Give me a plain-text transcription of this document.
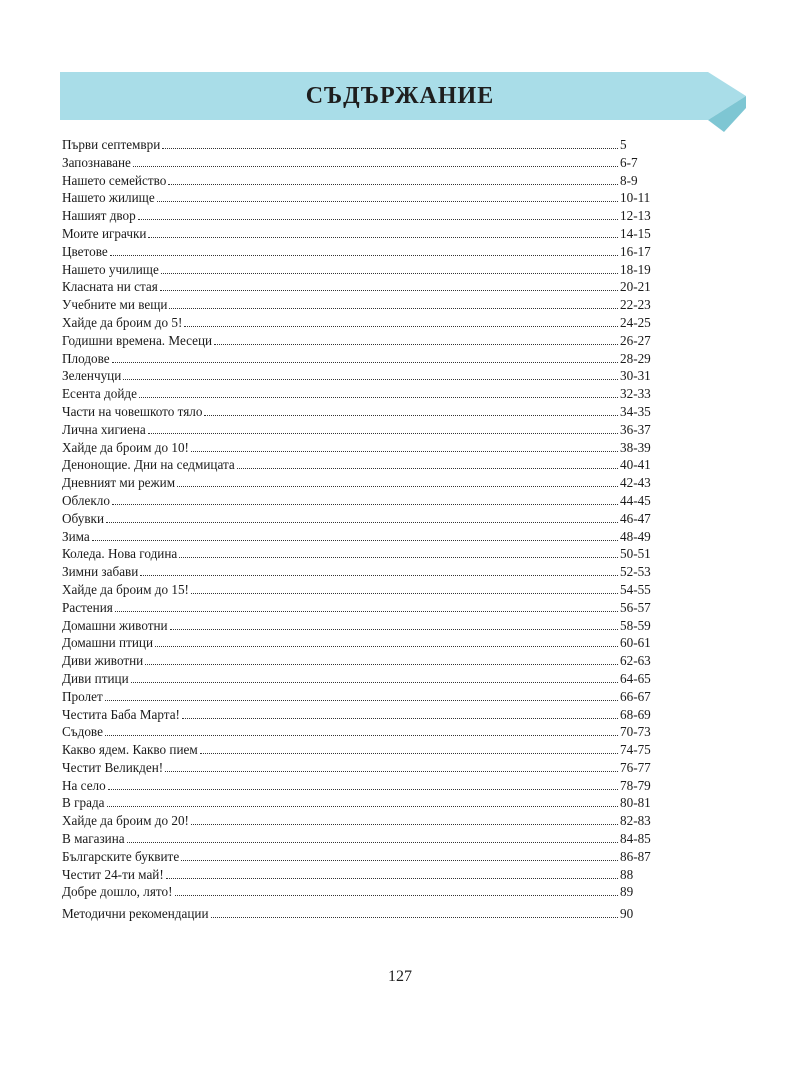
СЪДЪРЖАНИЕ
Първи септември	5
Запознаване	6-7
Нашето семейство	8-9
Нашето жилище	10-11
Нашият двор	12-13
Моите играчки	14-15
Цветове	16-17
Нашето училище	18-19
Класната ни стая	20-21
Учебните ми вещи	22-23
Хайде да броим до 5!	24-25
Годишни времена. Месеци	26-27
Плодове	28-29
Зеленчуци	30-31
Есента дойде	32-33
Части на човешкото тяло	34-35
Лична хигиена	36-37
Хайде да броим до 10!	38-39
Денонощие. Дни на седмицата	40-41
Дневният ми режим	42-43
Облекло	44-45
Обувки	46-47
Зима	48-49
Коледа. Нова година	50-51
Зимни забави	52-53
Хайде да броим до 15!	54-55
Растения	56-57
Домашни животни	58-59
Домашни птици	60-61
Диви животни	62-63
Диви птици	64-65
Пролет	66-67
Честита Баба Марта!	68-69
Съдове	70-73
Какво ядем. Какво пием	74-75
Честит Великден!	76-77
На село	78-79
В града	80-81
Хайде да броим до 20!	82-83
В магазина	84-85
Българските буквите	86-87
Честит 24-ти май!	88
Добре дошло, лято!	89
Методични рекомендации	90
127
